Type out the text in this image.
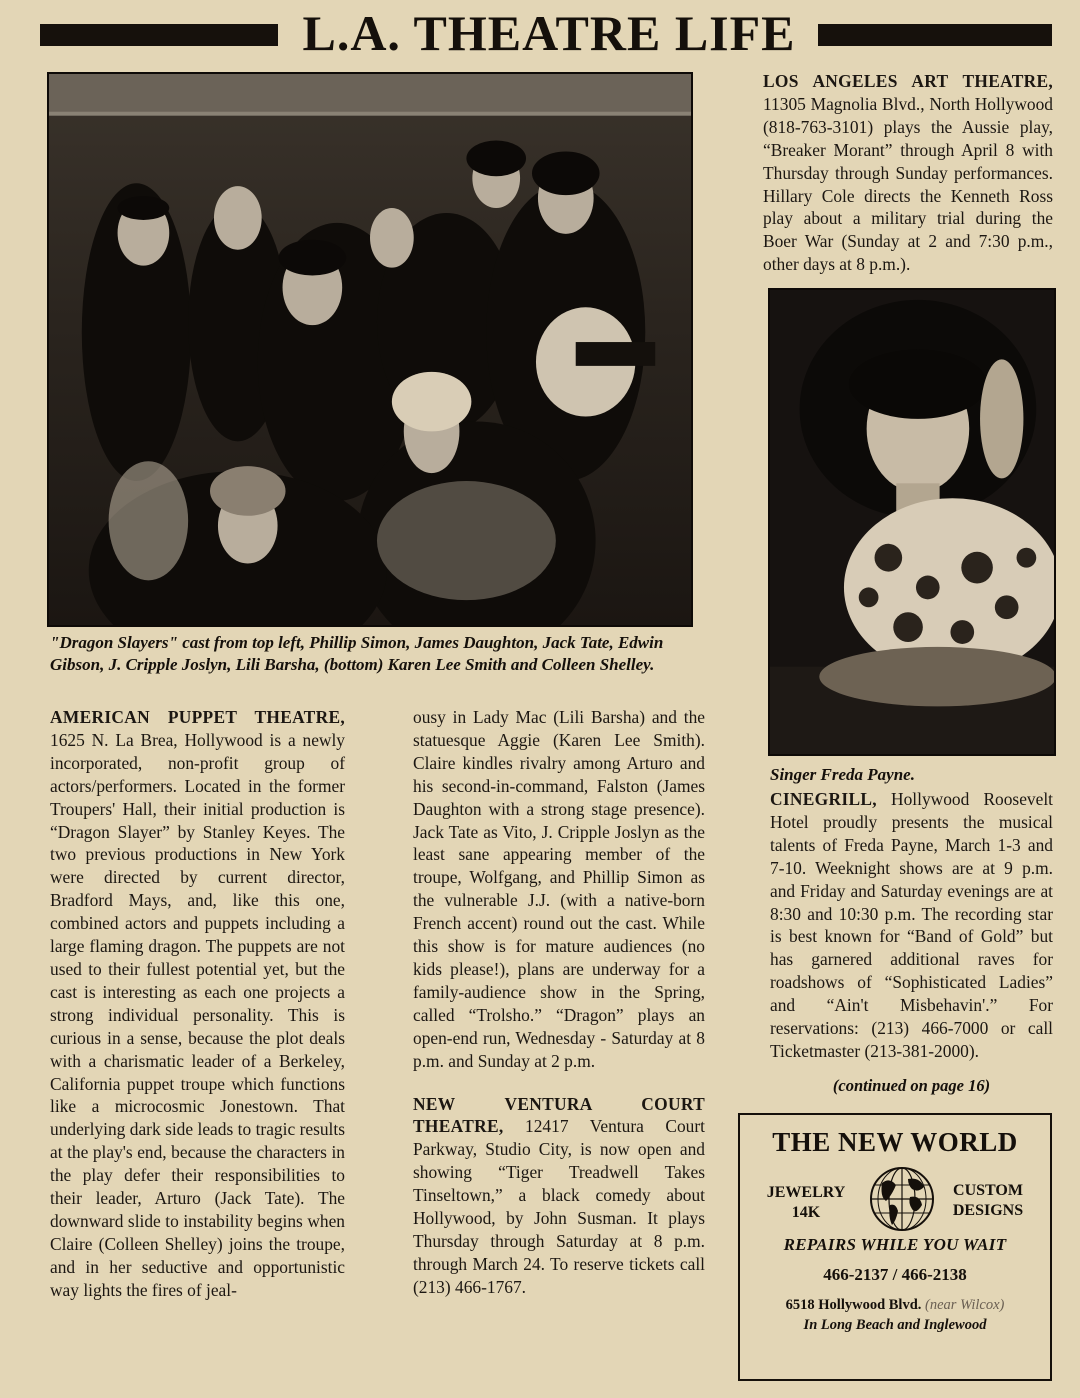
L.A. THEATRE LIFE
"Dragon Slayers" cast from top left, Phillip Simon, James Daughton, Jack Tate, Edwin Gibson, J. Cripple Joslyn, Lili Barsha, (bottom) Karen Lee Smith and Colleen Shelley.
Singer Freda Payne.

AMERICAN PUPPET THEATRE, 1625 N. La Brea, Hollywood is a newly incorporated, non-profit group of actors/performers. Located in the former Troupers' Hall, their initial production is “Dragon Slayer” by Stanley Keyes. The two previous productions in New York were directed by current director, Bradford Mays, and, like this one, combined actors and puppets including a large flaming dragon. The puppets are not used to their fullest potential yet, but the cast is interesting as each one projects a strong individual personality. This is curious in a sense, because the plot deals with a charismatic leader of a Berkeley, California puppet troupe which functions like a microcosmic Jonestown. That underlying dark side leads to tragic results at the play's end, because the characters in the play defer their responsibilities to their leader, Arturo (Jack Tate). The downward slide to instability begins when Claire (Colleen Shelley) joins the troupe, and in her seductive and opportunistic way lights the fires of jeal-

ousy in Lady Mac (Lili Barsha) and the statuesque Aggie (Karen Lee Smith). Claire kindles rivalry among Arturo and his second-in-command, Falston (James Daughton with a strong stage presence). Jack Tate as Vito, J. Cripple Joslyn as the least sane appearing member of the troupe, Wolfgang, and Phillip Simon as the vulnerable J.J. (with a native-born French accent) round out the cast. While this show is for mature audiences (no kids please!), plans are underway for a family-audience show in the Spring, called “Trolsho.” “Dragon” plays an open-end run, Wednesday - Saturday at 8 p.m. and Sunday at 2 p.m.

NEW VENTURA COURT THEATRE, 12417 Ventura Court Parkway, Studio City, is now open and showing “Tiger Treadwell Takes Tinseltown,” a black comedy about Hollywood, by John Susman. It plays Thursday through Saturday at 8 p.m. through March 24. To reserve tickets call (213) 466-1767.

LOS ANGELES ART THEATRE, 11305 Magnolia Blvd., North Hollywood (818-763-3101) plays the Aussie play, “Breaker Morant” through April 8 with Thursday through Sunday performances. Hillary Cole directs the Kenneth Ross play about a military trial during the Boer War (Sunday at 2 and 7:30 p.m., other days at 8 p.m.).

CINEGRILL, Hollywood Roosevelt Hotel proudly presents the musical talents of Freda Payne, March 1-3 and 7-10. Weeknight shows are at 9 p.m. and Friday and Saturday evenings are at 8:30 and 10:30 p.m. The recording star is best known for “Band of Gold” but has garnered additional raves for roadshows of “Sophisticated Ladies” and “Ain't Misbehavin'.” For reservations: (213) 466-7000 or call Ticketmaster (213-381-2000).

(continued on page 16)
THE NEW WORLD
JEWELRY
14K
CUSTOM
DESIGNS
REPAIRS WHILE YOU WAIT
466-2137 / 466-2138
6518 Hollywood Blvd. (near Wilcox)
In Long Beach and Inglewood
